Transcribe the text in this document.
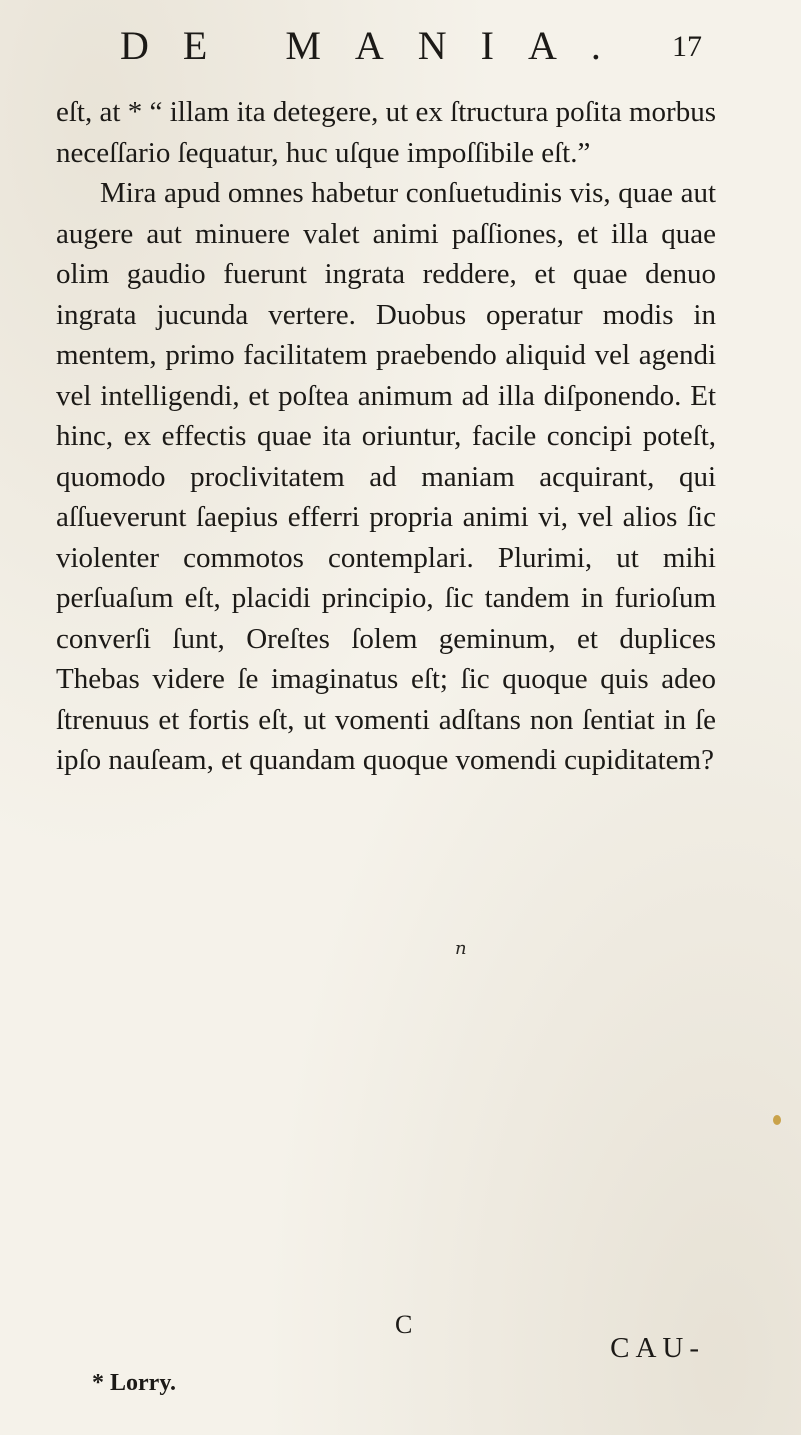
DE MANIA. 17

eſt, at * “ illam ita detegere, ut ex ſtructura poſita morbus neceſſario ſequatur, huc uſque impoſſibile eſt.”

Mira apud omnes habetur conſuetudinis vis, quae aut augere aut minuere valet animi paſſiones, et illa quae olim gaudio fuerunt ingrata reddere, et quae denuo ingrata jucunda vertere. Duobus operatur modis in mentem, primo facilitatem praebendo aliquid vel agendi vel intelligendi, et poſtea animum ad illa diſponendo. Et hinc, ex effectis quae ita oriuntur, facile concipi poteſt, quomodo proclivitatem ad maniam acquirant, qui aſſueverunt ſaepius efferri propria animi vi, vel alios ſic violenter commotos contemplari. Plurimi, ut mihi perſuaſum eſt, placidi principio, ſic tandem in furioſum converſi ſunt, Oreſtes ſolem geminum, et duplices Thebas videre ſe imaginatus eſt; ſic quoque quis adeo ſtrenuus et fortis eſt, ut vomenti adſtans non ſentiat in ſe ipſo nauſeam, et quandam quoque vomendi cupiditatem?

n
C
CAU-
* Lorry.
